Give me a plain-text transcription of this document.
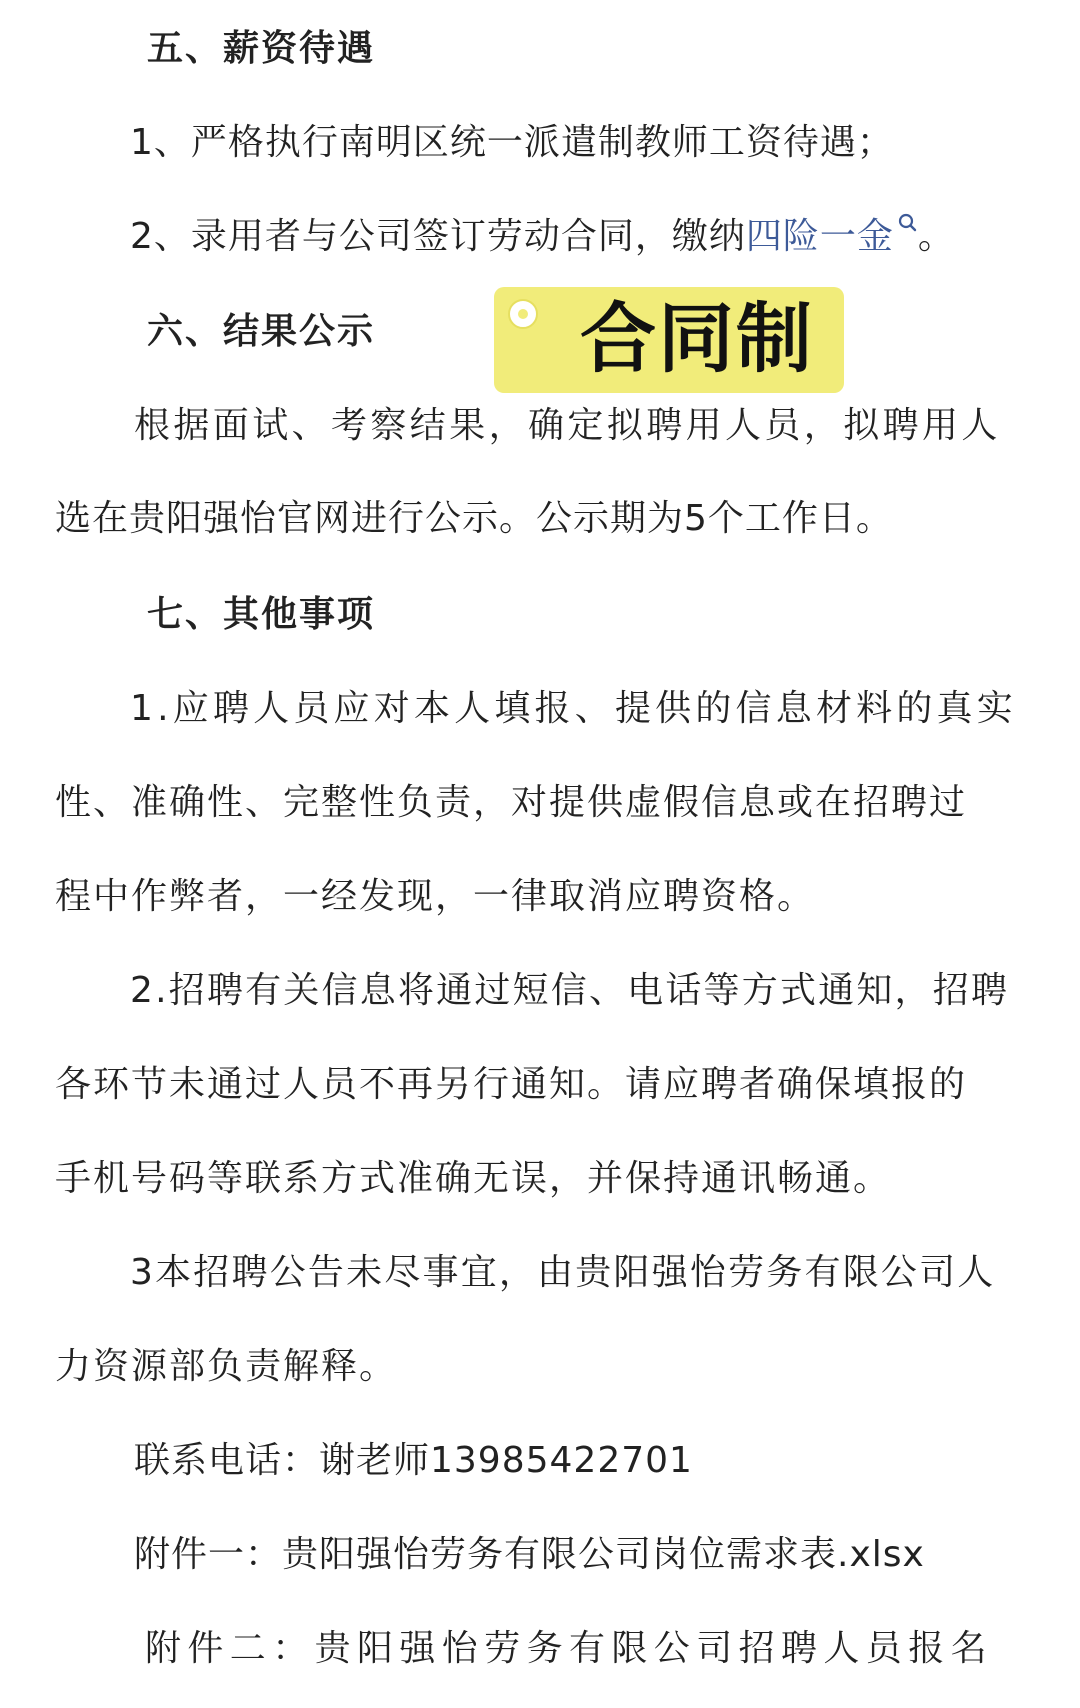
五、薪资待遇
1、严格执行南明区统一派遣制教师工资待遇；
2、录用者与公司签订劳动合同，缴纳四险一金 。
六、结果公示	合同制
根据面试、考察结果，确定拟聘用人员，拟聘用人
选在贵阳强怡官网进行公示。公示期为5个工作日。
七、其他事项
1.应聘人员应对本人填报、提供的信息材料的真实
性、准确性、完整性负责，对提供虚假信息或在招聘过
程中作弊者，一经发现，一律取消应聘资格。
2.招聘有关信息将通过短信、电话等方式通知，招聘
各环节未通过人员不再另行通知。请应聘者确保填报的
手机号码等联系方式准确无误，并保持通讯畅通。
3本招聘公告未尽事宜，由贵阳强怡劳务有限公司人
力资源部负责解释。
联系电话：谢老师13985422701
附件一：贵阳强怡劳务有限公司岗位需求表.xlsx
附件二：贵阳强怡劳务有限公司招聘人员报名
